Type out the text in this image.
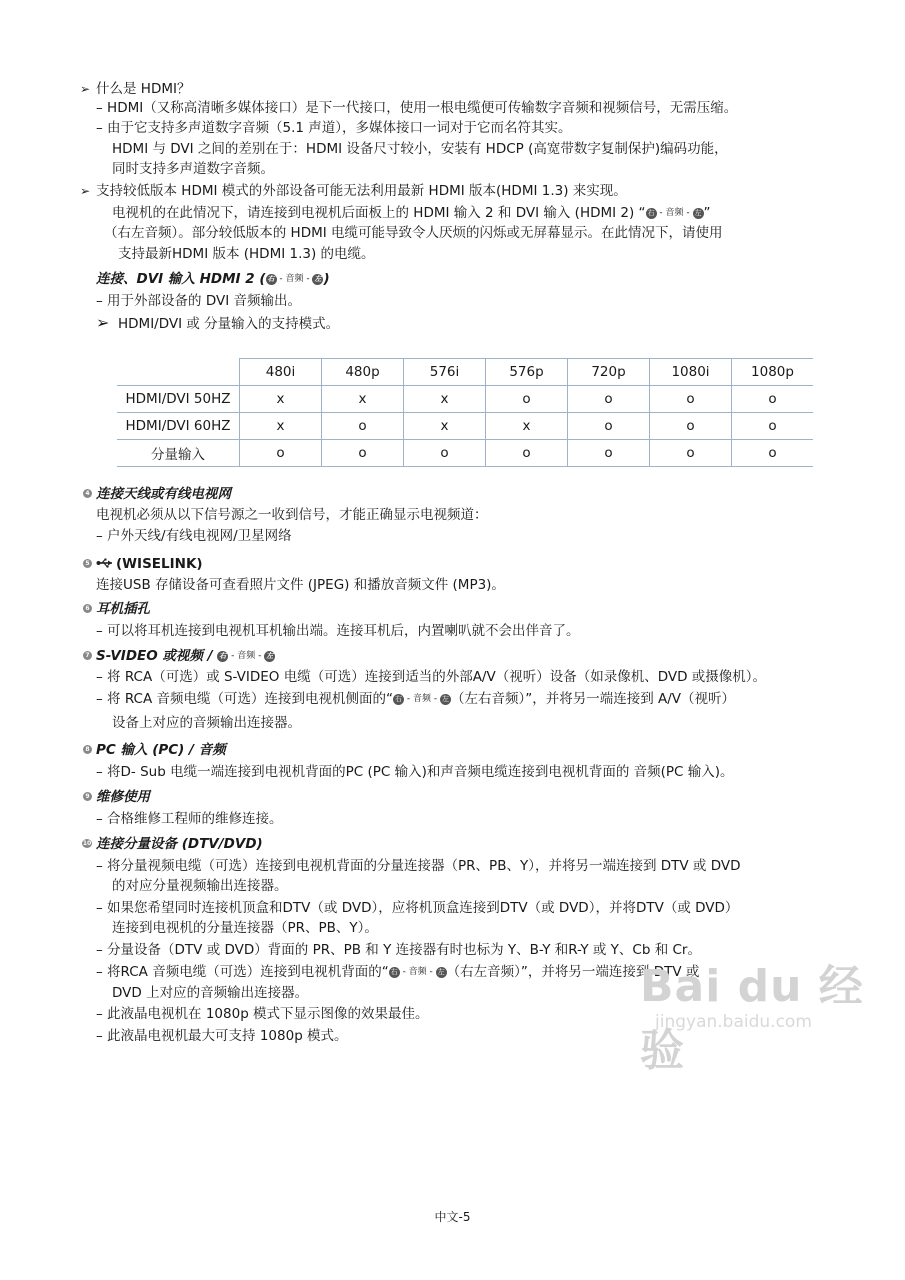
➢ 什么是 HDMI？
– HDMI（又称高清晰多媒体接口）是下一代接口，使用一根电缆便可传输数字音频和视频信号，无需压缩。
– 由于它支持多声道数字音频（5.1 声道），多媒体接口一词对于它而名符其实。
HDMI 与 DVI 之间的差别在于：HDMI 设备尺寸较小，安装有 HDCP (高宽带数字复制保护)编码功能，
同时支持多声道数字音频。
➢ 支持较低版本 HDMI 模式的外部设备可能无法利用最新 HDMI 版本(HDMI 1.3) 来实现。
电视机的在此情况下，请连接到电视机后面板上的 HDMI 输入 2 和 DVI 输入 (HDMI 2) “ 右 - 音频 - 左 ”
（右左音频）。部分较低版本的 HDMI 电缆可能导致令人厌烦的闪烁或无屏幕显示。在此情况下，请使用
支持最新HDMI 版本 (HDMI 1.3) 的电缆。
连接、DVI 输入 HDMI 2 ( 右 - 音频 - 左 )
– 用于外部设备的 DVI 音频输出。
➢ HDMI/DVI 或 分量输入的支持模式。
	480i	480p	576i	576p	720p	1080i	1080p
HDMI/DVI 50HZ	x	x	x	o	o	o	o
HDMI/DVI 60HZ	x	o	x	x	o	o	o
分量输入	o	o	o	o	o	o	o
4 连接天线或有线电视网
电视机必须从以下信号源之一收到信号，才能正确显示电视频道：
– 户外天线/有线电视网/卫星网络
5	(WISELINK)
连接USB 存储设备可查看照片文件 (JPEG) 和播放音频文件 (MP3)。
6 耳机插孔
– 可以将耳机连接到电视机耳机输出端。连接耳机后，内置喇叭就不会出伴音了。
7 S-VIDEO 或视频 / 右 - 音频 - 左
– 将 RCA（可选）或 S-VIDEO 电缆（可选）连接到适当的外部A/V（视听）设备（如录像机、DVD 或摄像机）。
– 将 RCA 音频电缆（可选）连接到电视机侧面的“ 右 - 音频 - 左 （左右音频）”，并将另一端连接到 A/V（视听）
设备上对应的音频输出连接器。
8 PC 输入 (PC) / 音频
– 将D- Sub 电缆一端连接到电视机背面的PC (PC 输入)和声音频电缆连接到电视机背面的 音频(PC 输入)。
9 维修使用
– 合格维修工程师的维修连接。
10 连接分量设备 (DTV/DVD)
– 将分量视频电缆（可选）连接到电视机背面的分量连接器（PR、PB、Y），并将另一端连接到 DTV 或 DVD
的对应分量视频输出连接器。
– 如果您希望同时连接机顶盒和DTV（或 DVD），应将机顶盒连接到DTV（或 DVD），并将DTV（或 DVD）
连接到电视机的分量连接器（PR、PB、Y）。
– 分量设备（DTV 或 DVD）背面的 PR、PB 和 Y 连接器有时也标为 Y、B-Y 和R-Y 或 Y、Cb 和 Cr。
– 将RCA 音频电缆（可选）连接到电视机背面的“ 右 - 音频 - 左 （右左音频）”，并将另一端连接到 DTV 或
DVD 上对应的音频输出连接器。
– 此液晶电视机在 1080p 模式下显示图像的效果最佳。
– 此液晶电视机最大可支持 1080p 模式。
Bai du 经验
jingyan.baidu.com
中文-5
